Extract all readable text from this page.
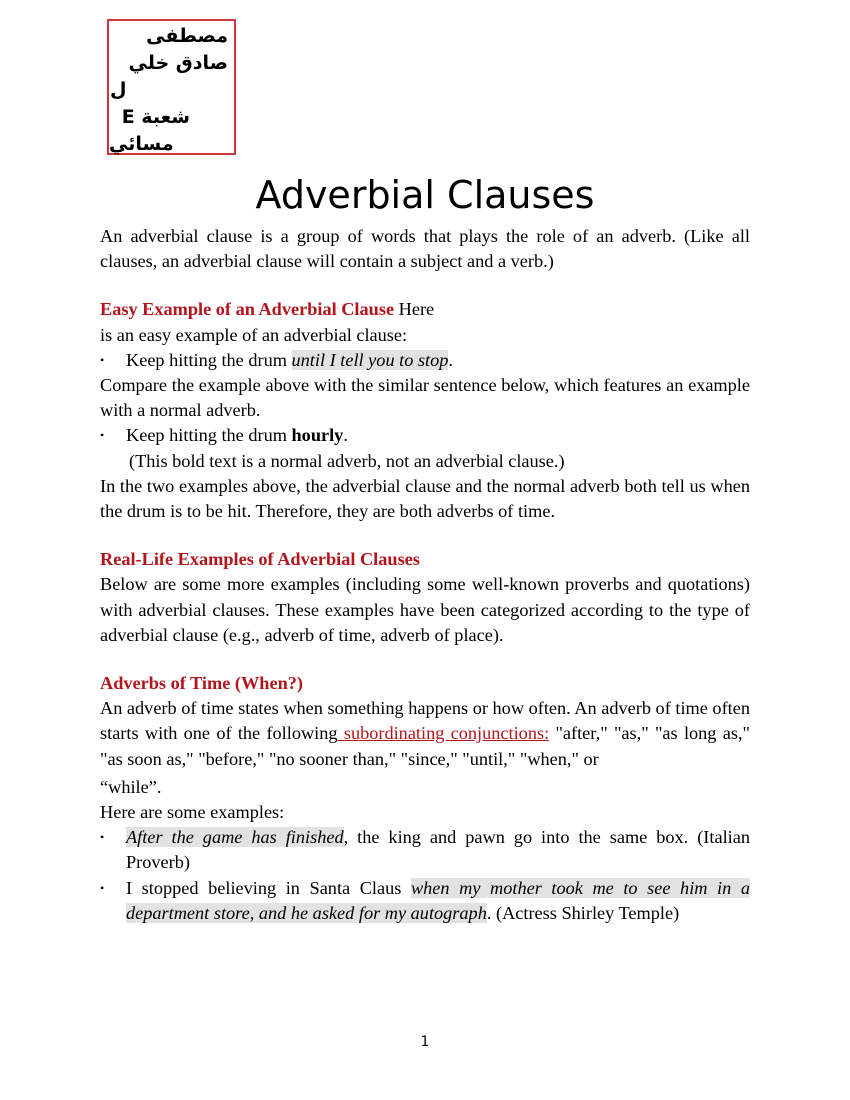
مصطفى
صادق خلي
ل
شعبة E
مسائي
Adverbial Clauses

An adverbial clause is a group of words that plays the role of an adverb. (Like all clauses, an adverbial clause will contain a subject and a verb.)

Easy Example of an Adverbial Clause Here

is an easy example of an adverbial clause:

• Keep hitting the drum until I tell you to stop.

Compare the example above with the similar sentence below, which features an example with a normal adverb.

• Keep hitting the drum hourly.

(This bold text is a normal adverb, not an adverbial clause.)

In the two examples above, the adverbial clause and the normal adverb both tell us when the drum is to be hit. Therefore, they are both adverbs of time.

Real-Life Examples of Adverbial Clauses

Below are some more examples (including some well-known proverbs and quotations) with adverbial clauses. These examples have been categorized according to the type of adverbial clause (e.g., adverb of time, adverb of place).

Adverbs of Time (When?)

An adverb of time states when something happens or how often. An adverb of time often starts with one of the following subordinating conjunctions: "after," "as," "as long as," "as soon as," "before," "no sooner than," "since," "until," "when," or

“while”.

Here are some examples:

• After the game has finished, the king and pawn go into the same box. (Italian Proverb)

• I stopped believing in Santa Claus when my mother took me to see him in a department store, and he asked for my autograph. (Actress Shirley Temple)

1
